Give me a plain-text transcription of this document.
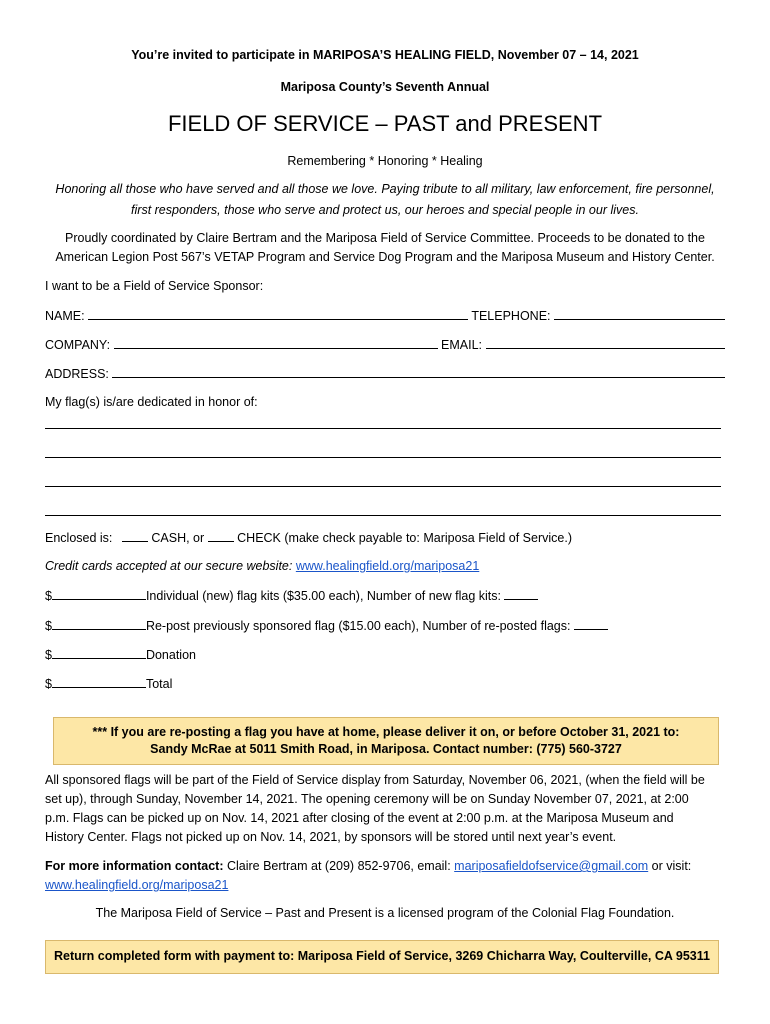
You’re invited to participate in MARIPOSA’S HEALING FIELD, November 07 – 14, 2021
Mariposa County’s Seventh Annual
FIELD OF SERVICE – PAST and PRESENT
Remembering * Honoring * Healing
Honoring all those who have served and all those we love. Paying tribute to all military, law enforcement, fire personnel,
first responders, those who serve and protect us, our heroes and special people in our lives.
Proudly coordinated by Claire Bertram and the Mariposa Field of Service Committee. Proceeds to be donated to the
American Legion Post 567’s VETAP Program and Service Dog Program and the Mariposa Museum and History Center.
I want to be a Field of Service Sponsor:
NAME:	TELEPHONE:
COMPANY:	EMAIL:
ADDRESS:
My flag(s) is/are dedicated in honor of:
Enclosed is:	CASH, or	CHECK (make check payable to: Mariposa Field of Service.)
Credit cards accepted at our secure website: www.healingfield.org/mariposa21
$	Individual (new) flag kits ($35.00 each), Number of new flag kits:
$	Re-post previously sponsored flag ($15.00 each), Number of re-posted flags:
$	Donation
$	Total
*** If you are re-posting a flag you have at home, please deliver it on, or before October 31, 2021 to:
Sandy McRae at 5011 Smith Road, in Mariposa. Contact number: (775) 560-3727
All sponsored flags will be part of the Field of Service display from Saturday, November 06, 2021, (when the field will be
set up), through Sunday, November 14, 2021. The opening ceremony will be on Sunday November 07, 2021, at 2:00
p.m. Flags can be picked up on Nov. 14, 2021 after closing of the event at 2:00 p.m. at the Mariposa Museum and
History Center. Flags not picked up on Nov. 14, 2021, by sponsors will be stored until next year’s event.
For more information contact: Claire Bertram at (209) 852-9706, email: mariposafieldofservice@gmail.com or visit:
www.healingfield.org/mariposa21
The Mariposa Field of Service – Past and Present is a licensed program of the Colonial Flag Foundation.
Return completed form with payment to: Mariposa Field of Service, 3269 Chicharra Way, Coulterville, CA 95311
